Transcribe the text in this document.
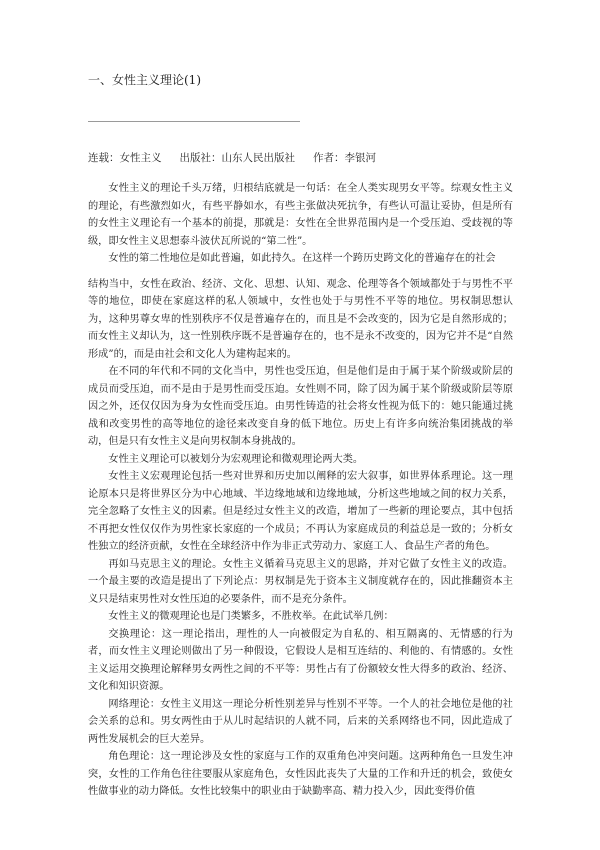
一、女性主义理论(1)
连载：女性主义 出版社：山东人民出版社 作者：李银河

女性主义的理论千头万绪，归根结底就是一句话：在全人类实现男女平等。综观女性主义的理论，有些激烈如火，有些平静如水，有些主张做决死抗争，有些认可温让妥协，但是所有的女性主义理论有一个基本的前提，那就是：女性在全世界范围内是一个受压迫、受歧视的等级，即女性主义思想泰斗波伏瓦所说的“第二性”。

女性的第二性地位是如此普遍，如此持久。在这样一个跨历史跨文化的普遍存在的社会

结构当中，女性在政治、经济、文化、思想、认知、观念、伦理等各个领域都处于与男性不平等的地位，即使在家庭这样的私人领域中，女性也处于与男性不平等的地位。男权制思想认为，这种男尊女卑的性别秩序不仅是普遍存在的，而且是不会改变的，因为它是自然形成的；而女性主义却认为，这一性别秩序既不是普遍存在的，也不是永不改变的，因为它并不是“自然形成”的，而是由社会和文化人为建构起来的。

在不同的年代和不同的文化当中，男性也受压迫，但是他们是由于属于某个阶级或阶层的成员而受压迫，而不是由于是男性而受压迫。女性则不同，除了因为属于某个阶级或阶层等原因之外，还仅仅因为身为女性而受压迫。由男性铸造的社会将女性视为低下的：她只能通过挑战和改变男性的高等地位的途径来改变自身的低下地位。历史上有许多向统治集团挑战的举动，但是只有女性主义是向男权制本身挑战的。

女性主义理论可以被划分为宏观理论和微观理论两大类。

女性主义宏观理论包括一些对世界和历史加以阐释的宏大叙事，如世界体系理论。这一理论原本只是将世界区分为中心地域、半边缘地域和边缘地域，分析这些地域之间的权力关系，完全忽略了女性主义的因素。但是经过女性主义的改造，增加了一些新的理论要点，其中包括不再把女性仅仅作为男性家长家庭的一个成员；不再认为家庭成员的利益总是一致的；分析女性独立的经济贡献，女性在全球经济中作为非正式劳动力、家庭工人、食品生产者的角色。

再如马克思主义的理论。女性主义循着马克思主义的思路，并对它做了女性主义的改造。一个最主要的改造是提出了下列论点：男权制是先于资本主义制度就存在的，因此推翻资本主义只是结束男性对女性压迫的必要条件，而不是充分条件。

女性主义的微观理论也是门类繁多，不胜枚举。在此试举几例：

交换理论：这一理论指出，理性的人一向被假定为自私的、相互隔离的、无情感的行为者，而女性主义理论则做出了另一种假设，它假设人是相互连结的、利他的、有情感的。女性主义运用交换理论解释男女两性之间的不平等：男性占有了份额较女性大得多的政治、经济、文化和知识资源。

网络理论：女性主义用这一理论分析性别差异与性别不平等。一个人的社会地位是他的社会关系的总和。男女两性由于从儿时起结识的人就不同，后来的关系网络也不同，因此造成了两性发展机会的巨大差异。

角色理论：这一理论涉及女性的家庭与工作的双重角色冲突问题。这两种角色一旦发生冲突，女性的工作角色往往要服从家庭角色，女性因此丧失了大量的工作和升迁的机会，致使女性做事业的动力降低。女性比较集中的职业由于缺勤率高、精力投入少，因此变得价值
